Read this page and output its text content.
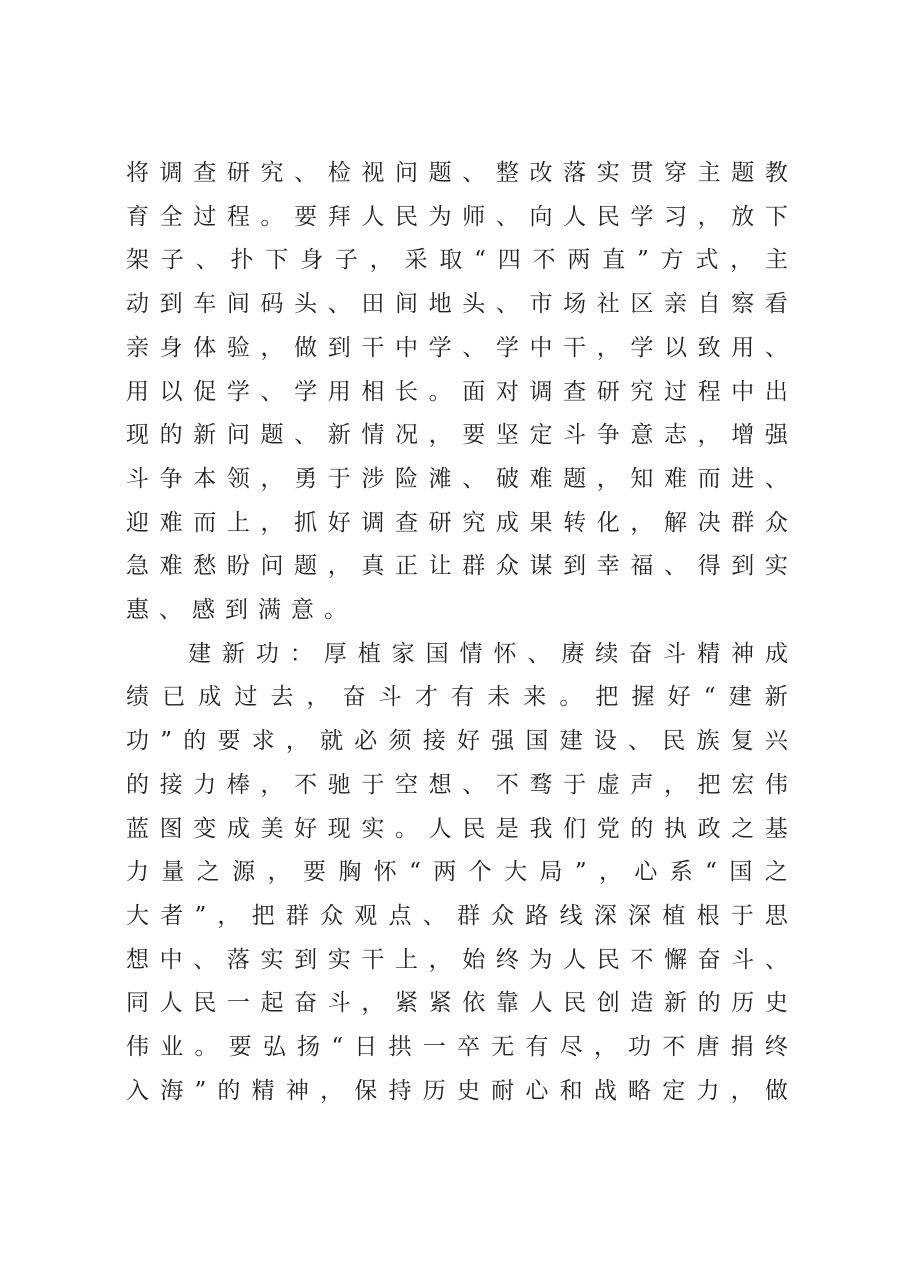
将 调 查 研 究 、 检 视 问 题 、 整 改 落 实 贯 穿 主 题 教
育 全 过 程 。 要 拜 人 民 为 师 、 向 人 民 学 习 ， 放 下
架 子 、 扑 下 身 子 ， 采 取 “ 四 不 两 直 ” 方 式 ， 主
动 到 车 间 码 头 、 田 间 地 头 、 市 场 社 区 亲 自 察 看
亲 身 体 验 ， 做 到 干 中 学 、 学 中 干 ， 学 以 致 用 、
用 以 促 学 、 学 用 相 长 。 面 对 调 查 研 究 过 程 中 出
现 的 新 问 题 、 新 情 况 ， 要 坚 定 斗 争 意 志 ， 增 强
斗 争 本 领 ， 勇 于 涉 险 滩 、 破 难 题 ， 知 难 而 进 、
迎 难 而 上 ， 抓 好 调 查 研 究 成 果 转 化 ， 解 决 群 众
急 难 愁 盼 问 题 ， 真 正 让 群 众 谋 到 幸 福 、 得 到 实
惠 、 感 到 满 意 。
建 新 功 ： 厚 植 家 国 情 怀 、 赓 续 奋 斗 精 神 成
绩 已 成 过 去 ， 奋 斗 才 有 未 来 。 把 握 好 “ 建 新
功 ” 的 要 求 ， 就 必 须 接 好 强 国 建 设 、 民 族 复 兴
的 接 力 棒 ， 不 驰 于 空 想 、 不 骛 于 虚 声 ， 把 宏 伟
蓝 图 变 成 美 好 现 实 。 人 民 是 我 们 党 的 执 政 之 基
力 量 之 源 ， 要 胸 怀 “ 两 个 大 局 ” ， 心 系 “ 国 之
大 者 ” ， 把 群 众 观 点 、 群 众 路 线 深 深 植 根 于 思
想 中 、 落 实 到 实 干 上 ， 始 终 为 人 民 不 懈 奋 斗 、
同 人 民 一 起 奋 斗 ， 紧 紧 依 靠 人 民 创 造 新 的 历 史
伟 业 。 要 弘 扬 “ 日 拱 一 卒 无 有 尽 ， 功 不 唐 捐 终
入 海 ” 的 精 神 ， 保 持 历 史 耐 心 和 战 略 定 力 ， 做
